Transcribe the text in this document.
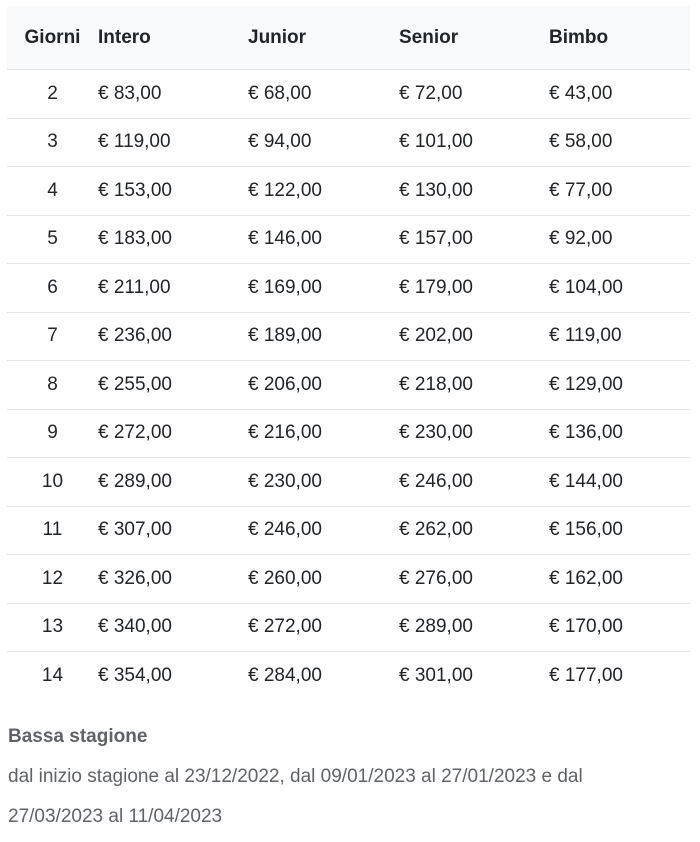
Giorni	Intero	Junior	Senior	Bimbo
2	€ 83,00	€ 68,00	€ 72,00	€ 43,00
3	€ 119,00	€ 94,00	€ 101,00	€ 58,00
4	€ 153,00	€ 122,00	€ 130,00	€ 77,00
5	€ 183,00	€ 146,00	€ 157,00	€ 92,00
6	€ 211,00	€ 169,00	€ 179,00	€ 104,00
7	€ 236,00	€ 189,00	€ 202,00	€ 119,00
8	€ 255,00	€ 206,00	€ 218,00	€ 129,00
9	€ 272,00	€ 216,00	€ 230,00	€ 136,00
10	€ 289,00	€ 230,00	€ 246,00	€ 144,00
11	€ 307,00	€ 246,00	€ 262,00	€ 156,00
12	€ 326,00	€ 260,00	€ 276,00	€ 162,00
13	€ 340,00	€ 272,00	€ 289,00	€ 170,00
14	€ 354,00	€ 284,00	€ 301,00	€ 177,00
Bassa stagione

dal inizio stagione al 23/12/2022, dal 09/01/2023 al 27/01/2023 e dal 27/03/2023 al 11/04/2023
